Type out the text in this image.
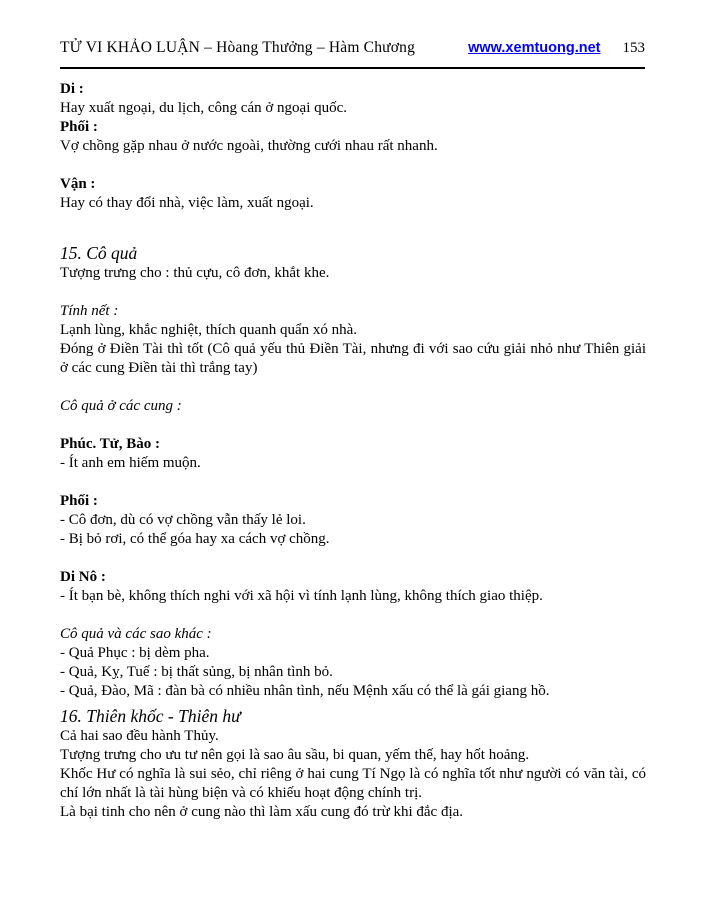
TỬ VI KHẢO LUẬN – Hòang Thưởng – Hàm Chương	www.xemtuong.net 153

Di :

Hay xuất ngoại, du lịch, công cán ở ngoại quốc.

Phối :

Vợ chồng gặp nhau ở nước ngoài, thường cưới nhau rất nhanh.

Vận :

Hay có thay đổi nhà, việc làm, xuất ngoại.

15. Cô quả

Tượng trưng cho : thủ cựu, cô đơn, khắt khe.

Tính nết :

Lạnh lùng, khắc nghiệt, thích quanh quẩn xó nhà.

Đóng ở Điền Tài thì tốt (Cô quả yếu thủ Điền Tài, nhưng đi với sao cứu giải nhỏ như Thiên giải ở các cung Điền tài thì trắng tay)

Cô quả ở các cung :

Phúc. Tử, Bào :

- Ít anh em hiếm muộn.

Phối :

- Cô đơn, dù có vợ chồng vẫn thấy lẻ loi.

- Bị bỏ rơi, có thể góa hay xa cách vợ chồng.

Di Nô :

- Ít bạn bè, không thích nghi với xã hội vì tính lạnh lùng, không thích giao thiệp.

Cô quả và các sao khác :

- Quả Phục : bị dèm pha.

- Quả, Kỵ, Tuế : bị thất sủng, bị nhân tình bỏ.

- Quả, Đào, Mã : đàn bà có nhiều nhân tình, nếu Mệnh xấu có thể là gái giang hồ.

16. Thiên khốc - Thiên hư

Cả hai sao đều hành Thủy.

Tượng trưng cho ưu tư nên gọi là sao âu sầu, bi quan, yếm thế, hay hốt hoảng.

Khốc Hư có nghĩa là sui sẻo, chỉ riêng ở hai cung Tí Ngọ là có nghĩa tốt như người có văn tài, có chí lớn nhất là tài hùng biện và có khiếu hoạt động chính trị.

Là bại tinh cho nên ở cung nào thì làm xấu cung đó trừ khi đắc địa.
